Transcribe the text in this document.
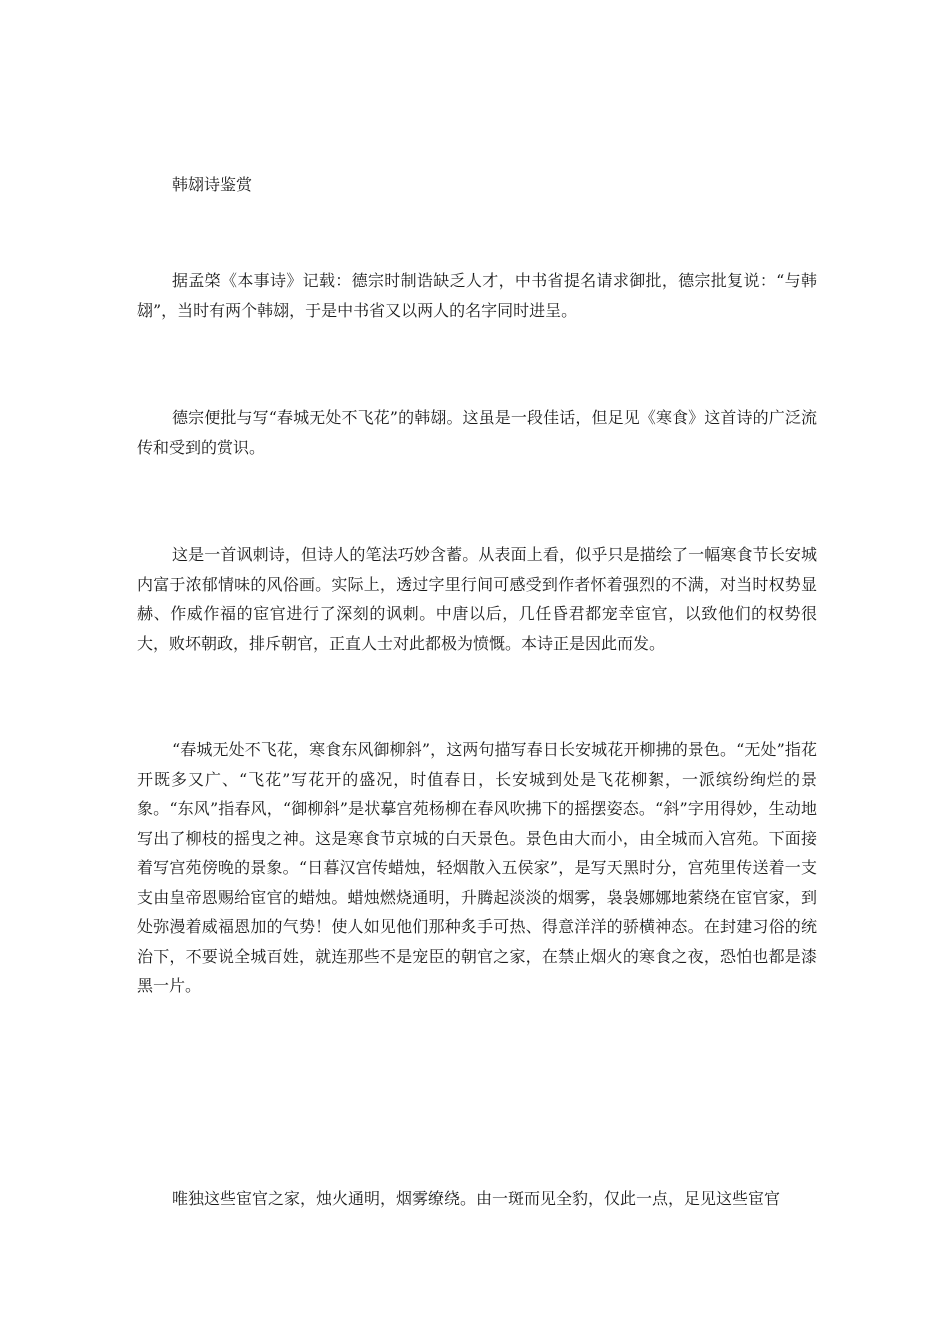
韩翃诗鉴赏

据孟棨《本事诗》记载：德宗时制诰缺乏人才，中书省提名请求御批，德宗批复说：“与韩翃”，当时有两个韩翃，于是中书省又以两人的名字同时进呈。

德宗便批与写“春城无处不飞花”的韩翃。这虽是一段佳话，但足见《寒食》这首诗的广泛流传和受到的赏识。

这是一首讽刺诗，但诗人的笔法巧妙含蓄。从表面上看，似乎只是描绘了一幅寒食节长安城内富于浓郁情味的风俗画。实际上，透过字里行间可感受到作者怀着强烈的不满，对当时权势显赫、作威作福的宦官进行了深刻的讽刺。中唐以后，几任昏君都宠幸宦官，以致他们的权势很大，败坏朝政，排斥朝官，正直人士对此都极为愤慨。本诗正是因此而发。

“春城无处不飞花，寒食东风御柳斜”，这两句描写春日长安城花开柳拂的景色。“无处”指花开既多又广、“飞花”写花开的盛况，时值春日，长安城到处是飞花柳絮，一派缤纷绚烂的景象。“东风”指春风，“御柳斜”是状摹宫苑杨柳在春风吹拂下的摇摆姿态。“斜”字用得妙，生动地写出了柳枝的摇曳之神。这是寒食节京城的白天景色。景色由大而小，由全城而入宫苑。下面接着写宫苑傍晚的景象。“日暮汉宫传蜡烛，轻烟散入五侯家”，是写天黑时分，宫苑里传送着一支支由皇帝恩赐给宦官的蜡烛。蜡烛燃烧通明，升腾起淡淡的烟雾，袅袅娜娜地萦绕在宦官家，到处弥漫着威福恩加的气势！使人如见他们那种炙手可热、得意洋洋的骄横神态。在封建习俗的统治下，不要说全城百姓，就连那些不是宠臣的朝官之家，在禁止烟火的寒食之夜，恐怕也都是漆黑一片。

唯独这些宦官之家，烛火通明，烟雾缭绕。由一斑而见全豹，仅此一点，足见这些宦官
